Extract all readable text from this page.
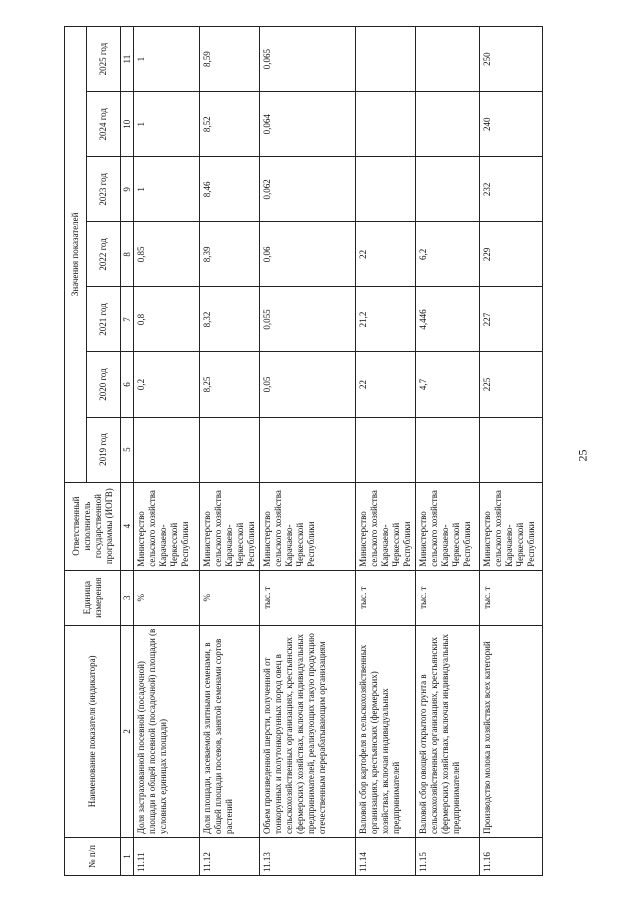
№ п/п	Наименование показателя (индикатора)	Единица измерения	Ответственный исполнитель государственной программы (ИОГВ)	Значения показателей						
				2019 год	2020 год	2021 год	2022 год	2023 год	2024 год	2025 год
1	2	3	4	5	6	7	8	9	10	11
11.11	Доля застрахованной посевной (посадочной) площади в общей посевной (посадочной) площади (в условных единицах площади)	%	Министерство сельского хозяйства Карачаево-Черкесской Республики		0,2	0,8	0,85	1	1	1
11.12	Доля площади, засеваемой элитными семенами, в общей площади посевов, занятой семенами сортов растений	%	Министерство сельского хозяйства Карачаево-Черкесской Республики		8,25	8,32	8,39	8,46	8,52	8,59
11.13	Объем произведенной шерсти, полученной от тонкорунных и полутонкорунных пород овец в сельскохозяйственных организациях, крестьянских (фермерских) хозяйствах, включая индивидуальных предпринимателей, реализующих такую продукцию отечественным перерабатывающим организациям	тыс. т	Министерство сельского хозяйства Карачаево-Черкесской Республики		0,05	0,055	0,06	0,062	0,064	0,065
11.14	Валовой сбор картофеля в сельскохозяйственных организациях, крестьянских (фермерских) хозяйствах, включая индивидуальных предпринимателей	тыс. т	Министерство сельского хозяйства Карачаево-Черкесской Республики		22	21,2	22			
11.15	Валовой сбор овощей открытого грунта в сельскохозяйственных организациях, крестьянских (фермерских) хозяйствах, включая индивидуальных предпринимателей	тыс. т	Министерство сельского хозяйства Карачаево-Черкесской Республики		4,7	4,446	6,2			
11.16	Производство молока в хозяйствах всех категорий	тыс. т	Министерство сельского хозяйства Карачаево-Черкесской Республики		225	227	229	232	240	250
25
